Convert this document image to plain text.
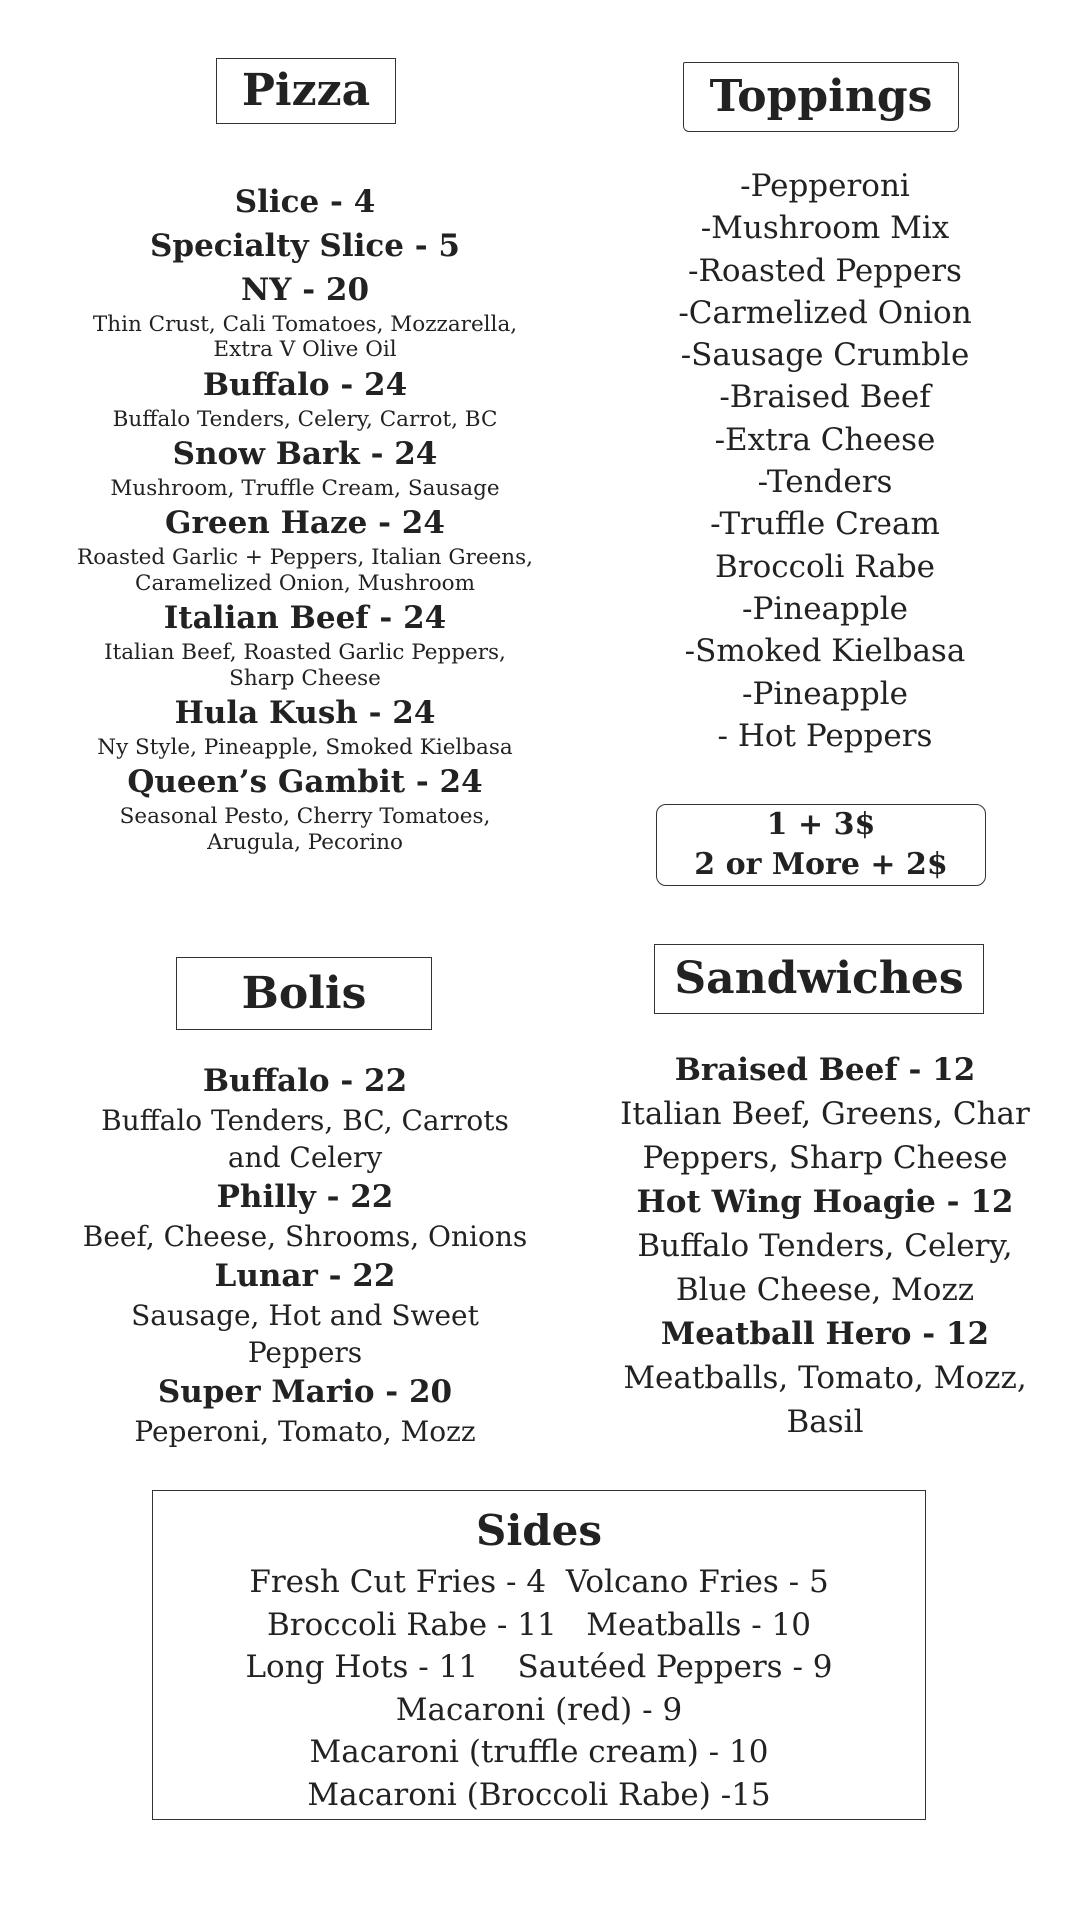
Pizza
Slice - 4
Specialty Slice - 5
NY - 20
Thin Crust, Cali Tomatoes, Mozzarella,
Extra V Olive Oil
Buffalo - 24
Buffalo Tenders, Celery, Carrot, BC
Snow Bark - 24
Mushroom, Truffle Cream, Sausage
Green Haze - 24
Roasted Garlic + Peppers, Italian Greens,
Caramelized Onion, Mushroom
Italian Beef - 24
Italian Beef, Roasted Garlic Peppers,
Sharp Cheese
Hula Kush - 24
Ny Style, Pineapple, Smoked Kielbasa
Queen’s Gambit - 24
Seasonal Pesto, Cherry Tomatoes,
Arugula, Pecorino
Toppings
-Pepperoni
-Mushroom Mix
-Roasted Peppers
-Carmelized Onion
-Sausage Crumble
-Braised Beef
-Extra Cheese
-Tenders
-Truffle Cream
Broccoli Rabe
-Pineapple
-Smoked Kielbasa
-Pineapple
- Hot Peppers
1 + 3$
2 or More + 2$
Bolis
Buffalo - 22
Buffalo Tenders, BC, Carrots
and Celery
Philly - 22
Beef, Cheese, Shrooms, Onions
Lunar - 22
Sausage, Hot and Sweet
Peppers
Super Mario - 20
Peperoni, Tomato, Mozz
Sandwiches
Braised Beef - 12
Italian Beef, Greens, Char
Peppers, Sharp Cheese
Hot Wing Hoagie - 12
Buffalo Tenders, Celery,
Blue Cheese, Mozz
Meatball Hero - 12
Meatballs, Tomato, Mozz,
Basil
Sides
Fresh Cut Fries - 4  Volcano Fries - 5
Broccoli Rabe - 11   Meatballs - 10
Long Hots - 11    Sautéed Peppers - 9
Macaroni (red) - 9
Macaroni (truffle cream) - 10
Macaroni (Broccoli Rabe) -15
